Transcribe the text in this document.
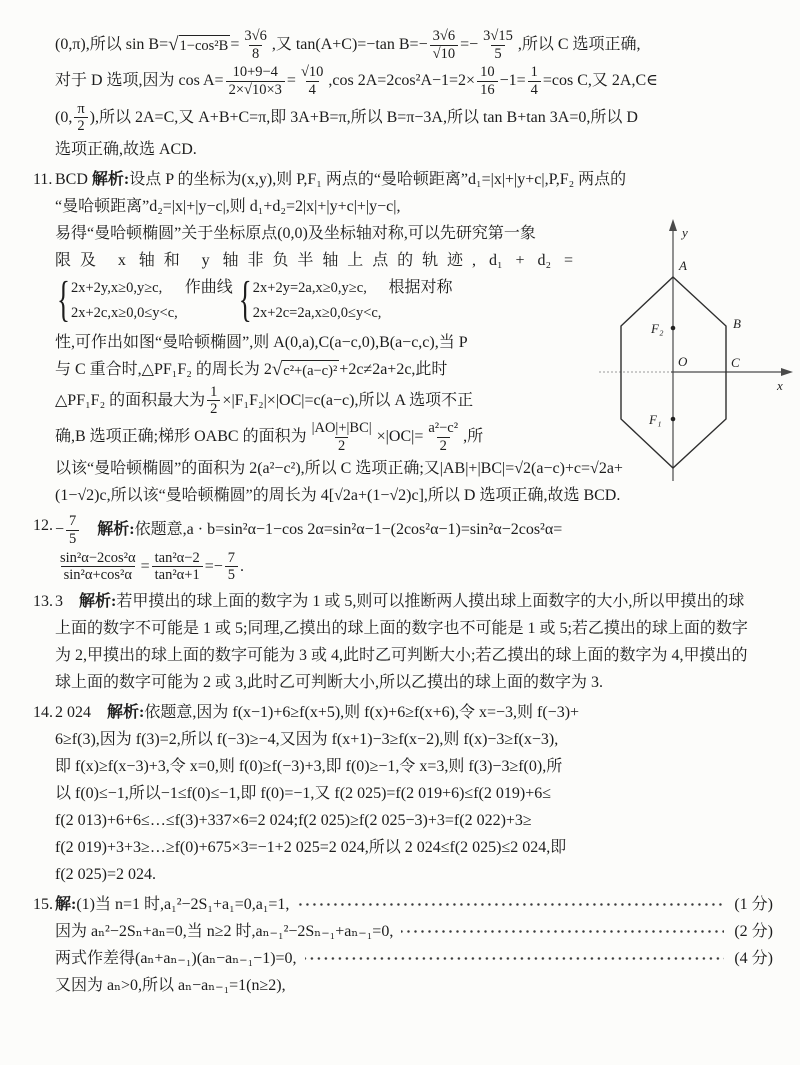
(0,π),所以 sin B= √ $1-\cos^2B = \frac{3√6}{8}$ ,又 tan(A+C)=−tan $B=- \frac{3√6}{√10} =- \frac{3√15}{5}$ ,所以 C 选项正确,
对于 D 选项,因为 $\cos A= \frac{10+9-4}{2\times√10\times 3} = \frac{√10}{4} ,\cos$ $2A=2\cos^2A-1=2\times \frac{10}{16} -1= \frac{1}{4} =\cos$ C,又 2A,C∈
(0, $\frac{\pi}{2}$ ),所以 2A=C,又 A+B+C=π,即 3A+B=π,所以 B=π−3A,所以 tan B+tan 3A=0,所以 D
选项正确,故选 ACD.
11. BCD 解析:设点 P 的坐标为(x,y),则 P,F₁ 两点的“曼哈顿距离”d₁=|x|+|y+c|,P,F₂ 两点的
“曼哈顿距离”d₂=|x|+|y−c|,则 d₁+d₂=2|x|+|y+c|+|y−c|,
易得“曼哈顿椭圆”关于坐标原点(0,0)及坐标轴对称,可以先研究第一象
限及 x 轴和 y 轴非负半轴上点的轨迹, d₁ + d₂ =
{ 2x+2y,x≥0,y≥c,
2x+2c,x≥0,0≤y<c,
作曲线 { 2x+2y=2a,x≥0,y≥c,
2x+2c=2a,x≥0,0≤y<c,
根据对称
性,可作出如图“曼哈顿椭圆”,则 A(0,a),C(a−c,0),B(a−c,c),当 P
与 C 重合时,△PF₁F₂ 的周长为 2 √ c²+(a−c)² +2c≠2a+2c,此时
△PF₁F₂ 的面积最大为 $\frac{1}{2} \times|F_1F_2|\times|OC|=c(a-c)$,所以 A 选项不正
确,B 选项正确;梯形 OABC 的面积为 $\frac{|AO|+|BC|}{2} \times|OC|= \frac{\text{a²−c²}}{2}$ ,所
以该“曼哈顿椭圆”的面积为 2(a²−c²),所以 C 选项正确;又|AB|+|BC|=√2(a−c)+c=√2a+
(1−√2)c,所以该“曼哈顿椭圆”的周长为 4[√2a+(1−√2)c],所以 D 选项正确,故选 BCD.
12. − $\frac{7}{5}$
　 解析:依题意,a · b=sin²α−1−cos 2α=sin²α−1−(2cos²α−1)=sin²α−2cos²α=
$\frac{\text{sin²α−2cos²α}}{\text{sin²α+cos²α}} = \frac{\text{tan²α−2}}{\text{tan²α+1}} =- \frac{7}{5}$ .
13. 3　解析:若甲摸出的球上面的数字为 1 或 5,则可以推断两人摸出球上面数字的大小,所以甲摸出的球
上面的数字不可能是 1 或 5;同理,乙摸出的球上面的数字也不可能是 1 或 5;若乙摸出的球上面的数字
为 2,甲摸出的球上面的数字可能为 3 或 4,此时乙可判断大小;若乙摸出的球上面的数字为 4,甲摸出的
球上面的数字可能为 2 或 3,此时乙可判断大小,所以乙摸出的球上面的数字为 3.
14. 2 024　解析:依题意,因为 f(x−1)+6≥f(x+5),则 f(x)+6≥f(x+6),令 x=−3,则 f(−3)+
6≥f(3),因为 f(3)=2,所以 f(−3)≥−4,又因为 f(x+1)−3≥f(x−2),则 f(x)−3≥f(x−3),
即 f(x)≥f(x−3)+3,令 x=0,则 f(0)≥f(−3)+3,即 f(0)≥−1,令 x=3,则 f(3)−3≥f(0),所
以 f(0)≤−1,所以−1≤f(0)≤−1,即 f(0)=−1,又 f(2 025)=f(2 019+6)≤f(2 019)+6≤
f(2 013)+6+6≤…≤f(3)+337×6=2 024;f(2 025)≥f(2 025−3)+3=f(2 022)+3≥
f(2 019)+3+3≥…≥f(0)+675×3=−1+2 025=2 024,所以 2 024≤f(2 025)≤2 024,即
f(2 025)=2 024.
15. 解: (1)当 n=1 时,a₁²−2S₁+a₁=0,a₁=1,	(1 分)
因为 aₙ²−2Sₙ+aₙ=0,当 n≥2 时,aₙ₋₁²−2Sₙ₋₁+aₙ₋₁=0,	(2 分)
两式作差得(aₙ+aₙ₋₁)(aₙ−aₙ₋₁−1)=0,	(4 分)
又因为 aₙ>0,所以 aₙ−aₙ₋₁=1(n≥2),
y
x
A
B
C
O
F₂
F₁
